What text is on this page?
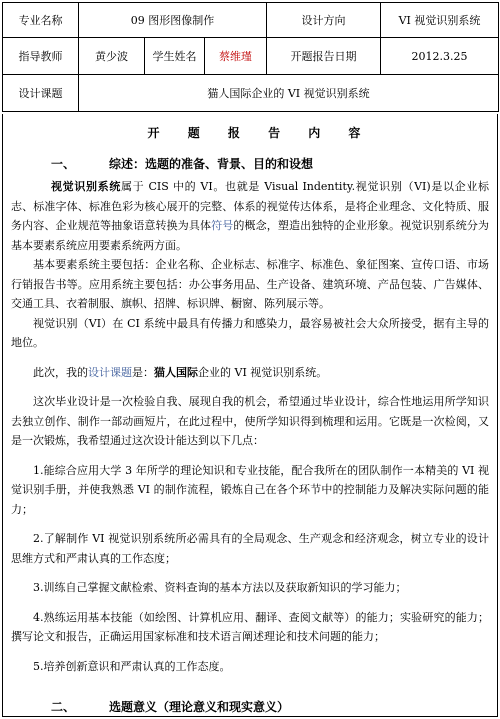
专业名称	09 图形图像制作			设计方向	VI 视觉识别系统
指导教师	黄少波	学生姓名	蔡维瑾	开题报告日期	2012.3.25
设计课题	猫人国际企业的 VI 视觉识别系统				
开 题 报 告 内 容
一、	综述：选题的准备、背景、目的和设想

视觉识别系统属于 CIS 中的 VI。也就是 Visual Indentity.视觉识别（VI)是以企业标志、标准字体、标准色彩为核心展开的完整、体系的视觉传达体系，是将企业理念、文化特质、服务内容、企业规范等抽象语意转换为具体符号的概念，塑造出独特的企业形象。视觉识别系统分为基本要素系统应用要素系统两方面。

基本要素系统主要包括：企业名称、企业标志、标准字、标准色、象征图案、宣传口语、市场行销报告书等。应用系统主要包括：办公事务用品、生产设备、建筑环境、产品包装、广告媒体、交通工具、衣着制服、旗帜、招牌、标识牌、橱窗、陈列展示等。

视觉识别（VI）在 CI 系统中最具有传播力和感染力，最容易被社会大众所接受，据有主导的地位。

此次，我的设计课题是：猫人国际企业的 VI 视觉识别系统。

这次毕业设计是一次检验自我、展现自我的机会，希望通过毕业设计，综合性地运用所学知识去独立创作、制作一部动画短片，在此过程中，使所学知识得到梳理和运用。它既是一次检阅，又是一次锻炼，我希望通过这次设计能达到以下几点：

1.能综合应用大学 3 年所学的理论知识和专业技能，配合我所在的团队制作一本精美的 VI 视觉识别手册，并使我熟悉 VI 的制作流程，锻炼自己在各个环节中的控制能力及解决实际问题的能力；

2.了解制作 VI 视觉识别系统所必需具有的全局观念、生产观念和经济观念，树立专业的设计思维方式和严肃认真的工作态度；

3.训练自己掌握文献检索、资料查询的基本方法以及获取新知识的学习能力；

4.熟练运用基本技能（如绘图、计算机应用、翻译、查阅文献等）的能力；实验研究的能力；撰写论文和报告，正确运用国家标准和技术语言阐述理论和技术问题的能力；

5.培养创新意识和严肃认真的工作态度。

二、	选题意义（理论意义和现实意义）
